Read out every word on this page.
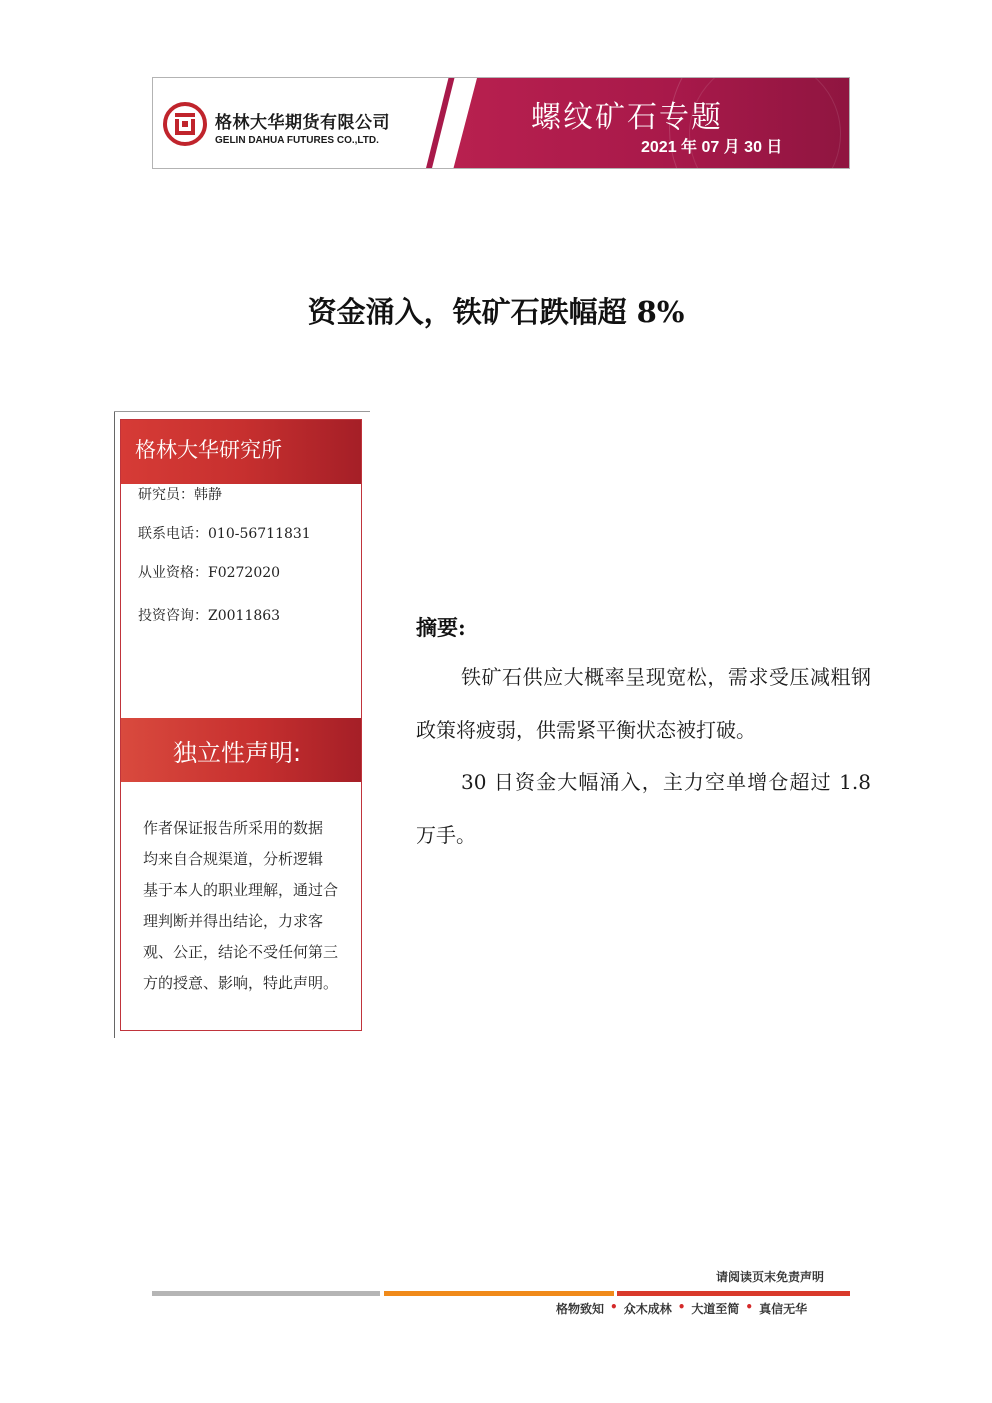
格林大华期货有限公司
GELIN DAHUA FUTURES CO.,LTD.
螺纹矿石专题
2021 年 07 月 30 日
资金涌入，铁矿石跌幅超 8%
格林大华研究所
研究员：韩静
联系电话：010-56711831
从业资格：F0272020
投资咨询：Z0011863
独立性声明:
作者保证报告所采用的数据
均来自合规渠道，分析逻辑
基于本人的职业理解，通过合
理判断并得出结论，力求客
观、公正，结论不受任何第三
方的授意、影响，特此声明。
摘要:
铁矿石供应大概率呈现宽松，需求受压减粗钢政策将疲弱，供需紧平衡状态被打破。
30 日资金大幅涌入，主力空单增仓超过 1.8 万手。
请阅读页末免责声明
格物致知 • 众木成林 • 大道至简 • 真信无华
